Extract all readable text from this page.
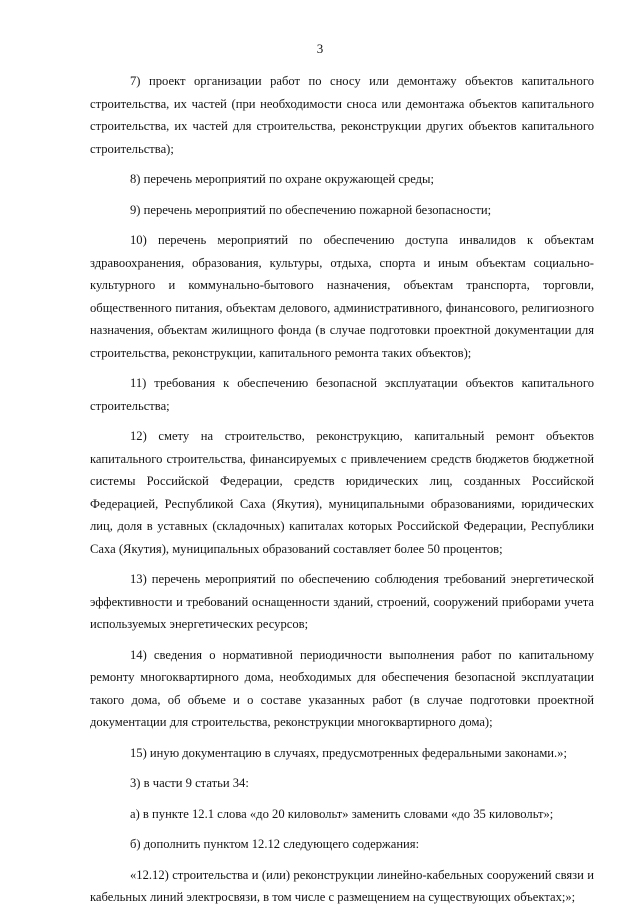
3

7) проект организации работ по сносу или демонтажу объектов капитального строительства, их частей (при необходимости сноса или демонтажа объектов капитального строительства, их частей для строительства, реконструкции других объектов капитального строительства);

8) перечень мероприятий по охране окружающей среды;

9) перечень мероприятий по обеспечению пожарной безопасности;

10) перечень мероприятий по обеспечению доступа инвалидов к объектам здравоохранения, образования, культуры, отдыха, спорта и иным объектам социально-культурного и коммунально-бытового назначения, объектам транспорта, торговли, общественного питания, объектам делового, административного, финансового, религиозного назначения, объектам жилищного фонда (в случае подготовки проектной документации для строительства, реконструкции, капитального ремонта таких объектов);

11) требования к обеспечению безопасной эксплуатации объектов капитального строительства;

12) смету на строительство, реконструкцию, капитальный ремонт объектов капитального строительства, финансируемых с привлечением средств бюджетов бюджетной системы Российской Федерации, средств юридических лиц, созданных Российской Федерацией, Республикой Саха (Якутия), муниципальными образованиями, юридических лиц, доля в уставных (складочных) капиталах которых Российской Федерации, Республики Саха (Якутия), муниципальных образований составляет более 50 процентов;

13) перечень мероприятий по обеспечению соблюдения требований энергетической эффективности и требований оснащенности зданий, строений, сооружений приборами учета используемых энергетических ресурсов;

14) сведения о нормативной периодичности выполнения работ по капитальному ремонту многоквартирного дома, необходимых для обеспечения безопасной эксплуатации такого дома, об объеме и о составе указанных работ (в случае подготовки проектной документации для строительства, реконструкции многоквартирного дома);

15) иную документацию в случаях, предусмотренных федеральными законами.»;

3) в части 9 статьи 34:

а) в пункте 12.1 слова «до 20 киловольт» заменить словами «до 35 киловольт»;

б) дополнить пунктом 12.12 следующего содержания:

«12.12) строительства и (или) реконструкции линейно-кабельных сооружений связи и кабельных линий электросвязи, в том числе с размещением на существующих объектах;»;
